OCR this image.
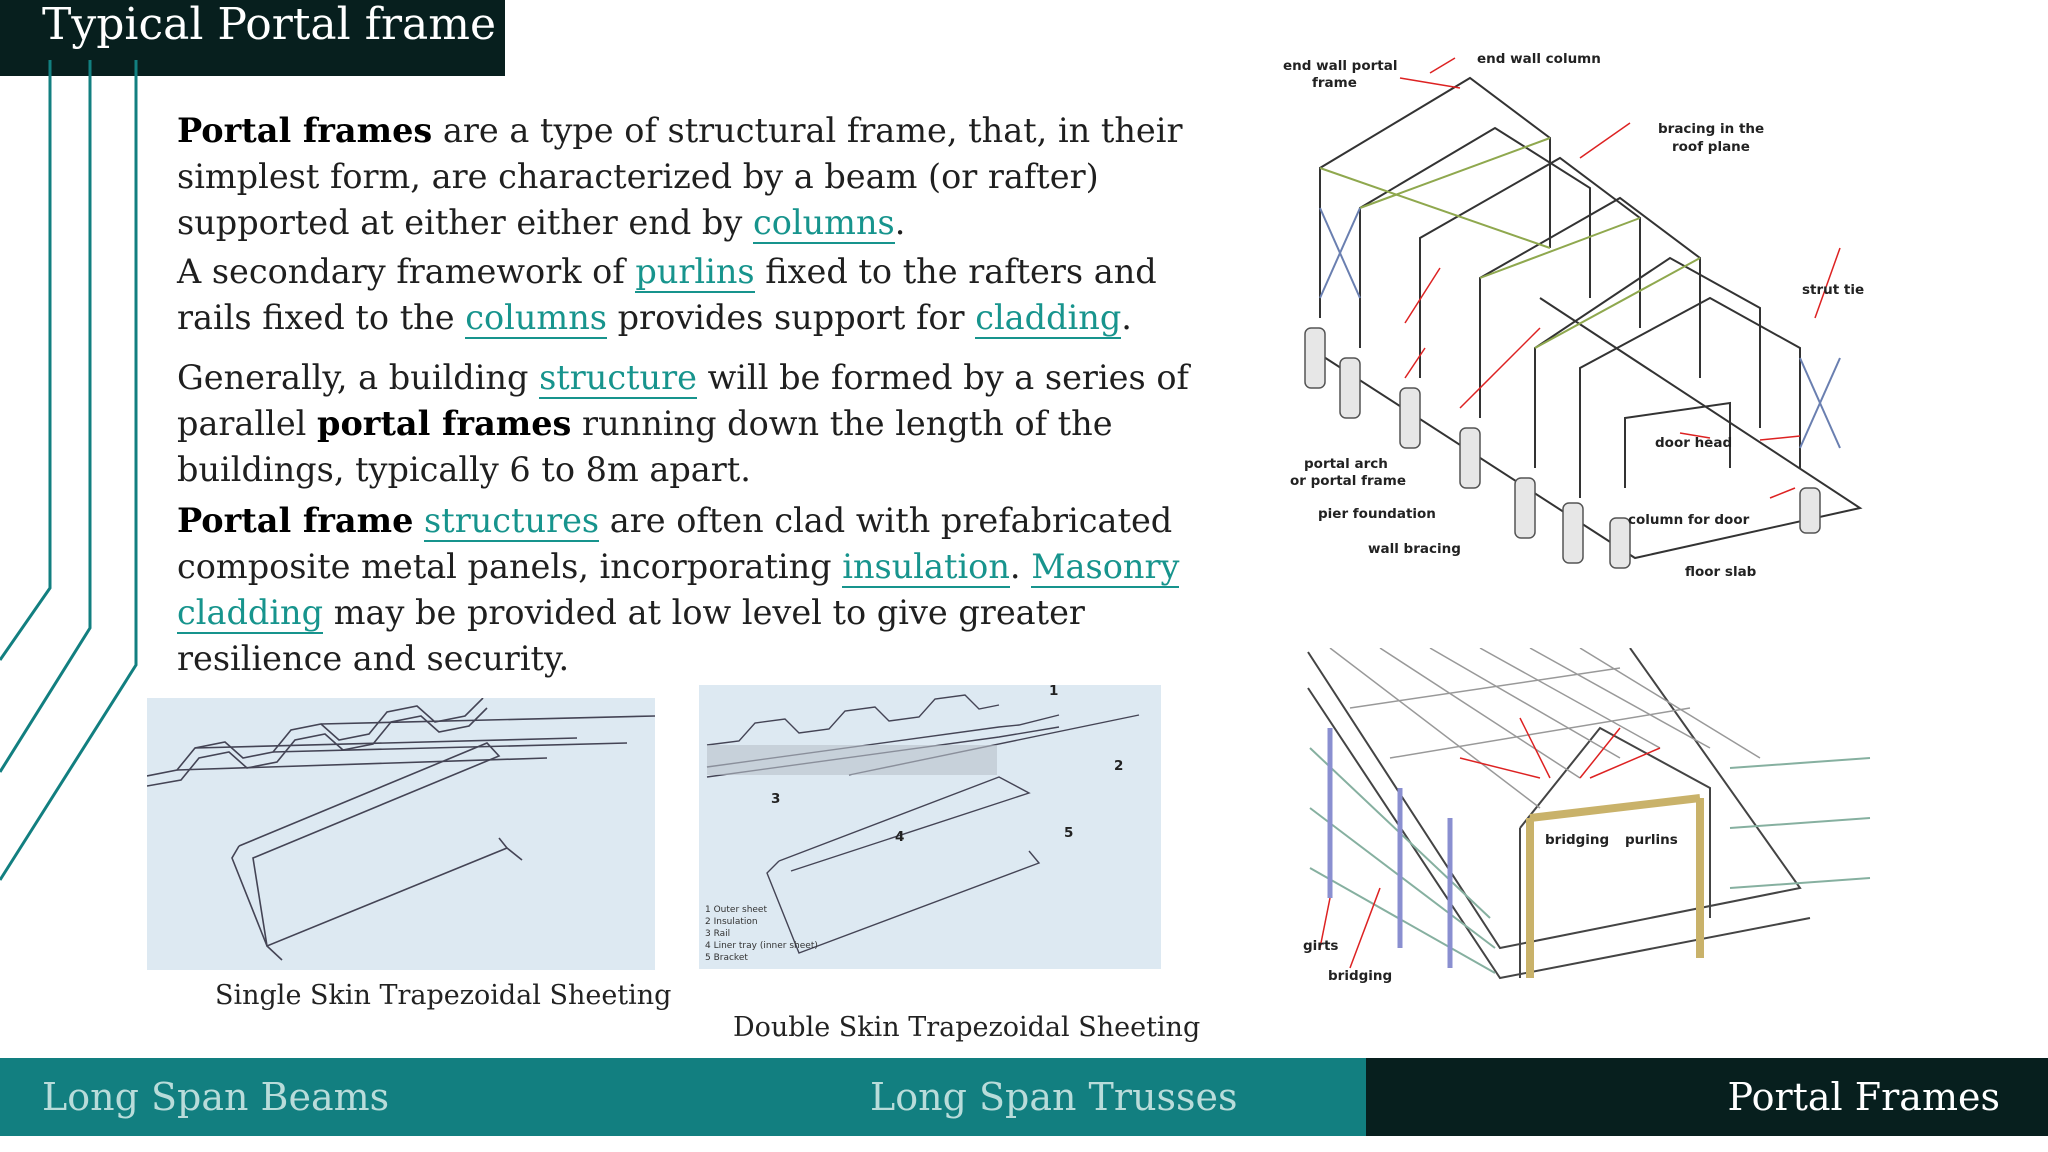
Typical Portal frame
Portal frames are a type of structural frame, that, in their simplest form, are characterized by a beam (or rafter) supported at either either end by columns.
A secondary framework of purlins fixed to the rafters and rails fixed to the columns provides support for cladding.
Generally, a building structure will be formed by a series of parallel portal frames running down the length of the buildings, typically 6 to 8m apart.
Portal frame structures are often clad with prefabricated composite metal panels, incorporating insulation. Masonry cladding may be provided at low level to give greater resilience and security.
Single Skin Trapezoidal Sheeting
1
2
3
4	5
1 Outer sheet
2 Insulation
3 Rail
4 Liner tray (inner sheet)
5 Bracket
Double Skin Trapezoidal Sheeting
end wall portal
frame
end wall column
bracing in the
roof plane
strut tie
door head
portal arch
or portal frame
pier foundation	column for door
wall bracing
floor slab
bridging purlins
girts
bridging
Long Span Beams	Long Span Trusses	Portal Frames
